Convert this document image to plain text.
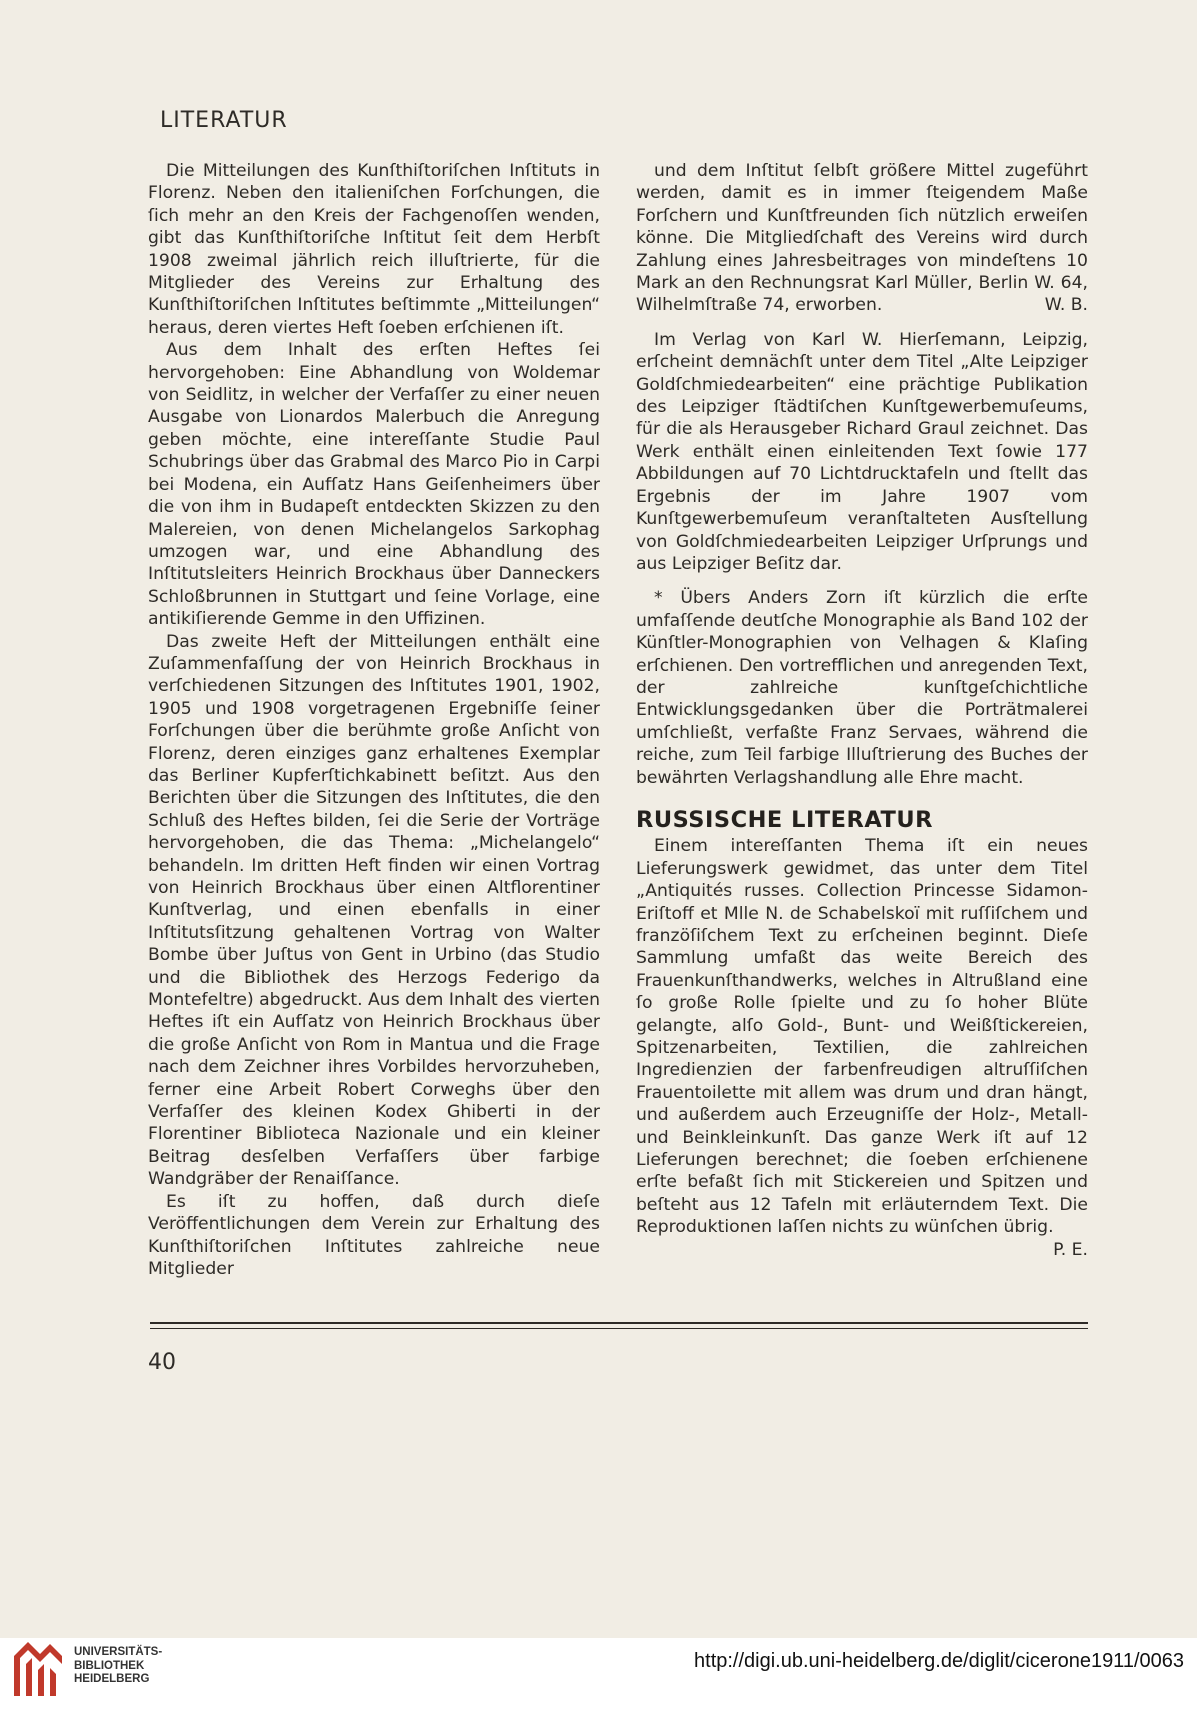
LITERATUR

Die Mitteilungen des Kunſthiſtoriſchen Inſtituts in Florenz. Neben den italieniſchen Forſchungen, die ſich mehr an den Kreis der Fachgenoſſen wenden, gibt das Kunſthiſtoriſche Inſtitut ſeit dem Herbſt 1908 zweimal jährlich reich illuſtrierte, für die Mitglieder des Vereins zur Erhaltung des Kunſthiſtoriſchen Inſtitutes beſtimmte „Mitteilungen“ heraus, deren viertes Heft ſoeben erſchienen iſt.

Aus dem Inhalt des erſten Heftes ſei hervorgehoben: Eine Abhandlung von Woldemar von Seidlitz, in welcher der Verfaſſer zu einer neuen Ausgabe von Lionardos Malerbuch die Anregung geben möchte, eine intereſſante Studie Paul Schubrings über das Grabmal des Marco Pio in Carpi bei Modena, ein Aufſatz Hans Geiſenheimers über die von ihm in Budapeſt entdeckten Skizzen zu den Malereien, von denen Michelangelos Sarkophag umzogen war, und eine Abhandlung des Inſtitutsleiters Heinrich Brockhaus über Danneckers Schloßbrunnen in Stuttgart und ſeine Vorlage, eine antikiſierende Gemme in den Uffizinen.

Das zweite Heft der Mitteilungen enthält eine Zuſammenfaſſung der von Heinrich Brockhaus in verſchiedenen Sitzungen des Inſtitutes 1901, 1902, 1905 und 1908 vorgetragenen Ergebniſſe ſeiner Forſchungen über die berühmte große Anſicht von Florenz, deren einziges ganz erhaltenes Exemplar das Berliner Kupferſtichkabinett beſitzt. Aus den Berichten über die Sitzungen des Inſtitutes, die den Schluß des Heftes bilden, ſei die Serie der Vorträge hervorgehoben, die das Thema: „Michelangelo“ behandeln. Im dritten Heft finden wir einen Vortrag von Heinrich Brockhaus über einen Altflorentiner Kunſtverlag, und einen ebenfalls in einer Inſtitutsſitzung gehaltenen Vortrag von Walter Bombe über Juſtus von Gent in Urbino (das Studio und die Bibliothek des Herzogs Federigo da Montefeltre) abgedruckt. Aus dem Inhalt des vierten Heftes iſt ein Aufſatz von Heinrich Brockhaus über die große Anſicht von Rom in Mantua und die Frage nach dem Zeichner ihres Vorbildes hervorzuheben, ferner eine Arbeit Robert Corweghs über den Verfaſſer des kleinen Kodex Ghiberti in der Florentiner Biblioteca Nazionale und ein kleiner Beitrag desſelben Verfaſſers über farbige Wandgräber der Renaiſſance.

Es iſt zu hoffen, daß durch dieſe Veröffentlichungen dem Verein zur Erhaltung des Kunſthiſtoriſchen Inſtitutes zahlreiche neue Mitglieder

und dem Inſtitut ſelbſt größere Mittel zugeführt werden, damit es in immer ſteigendem Maße Forſchern und Kunſtfreunden ſich nützlich erweiſen könne. Die Mitgliedſchaft des Vereins wird durch Zahlung eines Jahresbeitrages von mindeſtens 10 Mark an den Rechnungsrat Karl Müller, Berlin W. 64, Wilhelmſtraße 74, erworben.	W. B.

Im Verlag von Karl W. Hierſemann, Leipzig, erſcheint demnächſt unter dem Titel „Alte Leipziger Goldſchmiedearbeiten“ eine prächtige Publikation des Leipziger ſtädtiſchen Kunſtgewerbemuſeums, für die als Herausgeber Richard Graul zeichnet. Das Werk enthält einen einleitenden Text ſowie 177 Abbildungen auf 70 Lichtdrucktafeln und ſtellt das Ergebnis der im Jahre 1907 vom Kunſtgewerbemuſeum veranſtalteten Ausſtellung von Goldſchmiedearbeiten Leipziger Urſprungs und aus Leipziger Beſitz dar.

* Übers Anders Zorn iſt kürzlich die erſte umfaſſende deutſche Monographie als Band 102 der Künſtler-Monographien von Velhagen & Klaſing erſchienen. Den vortrefflichen und anregenden Text, der zahlreiche kunſtgeſchichtliche Entwicklungsgedanken über die Porträtmalerei umſchließt, verfaßte Franz Servaes, während die reiche, zum Teil farbige Illuſtrierung des Buches der bewährten Verlagshandlung alle Ehre macht.

RUSSISCHE LITERATUR

Einem intereſſanten Thema iſt ein neues Lieferungswerk gewidmet, das unter dem Titel „Antiquités russes. Collection Princesse Sidamon-Eriſtoff et Mlle N. de Schabelskoï mit ruſſiſchem und franzöſiſchem Text zu erſcheinen beginnt. Dieſe Sammlung umfaßt das weite Bereich des Frauenkunſthandwerks, welches in Altrußland eine ſo große Rolle ſpielte und zu ſo hoher Blüte gelangte, alſo Gold-, Bunt- und Weißſtickereien, Spitzenarbeiten, Textilien, die zahlreichen Ingredienzien der farbenfreudigen altruſſiſchen Frauentoilette mit allem was drum und dran hängt, und außerdem auch Erzeugniſſe der Holz-, Metall- und Beinkleinkunſt. Das ganze Werk iſt auf 12 Lieferungen berechnet; die ſoeben erſchienene erſte befaßt ſich mit Stickereien und Spitzen und beſteht aus 12 Tafeln mit erläuterndem Text. Die Reproduktionen laſſen nichts zu wünſchen übrig.
P. E.

40
UNIVERSITÄTS-
BIBLIOTHEK
HEIDELBERG
http://digi.ub.uni-heidelberg.de/diglit/cicerone1911/0063
